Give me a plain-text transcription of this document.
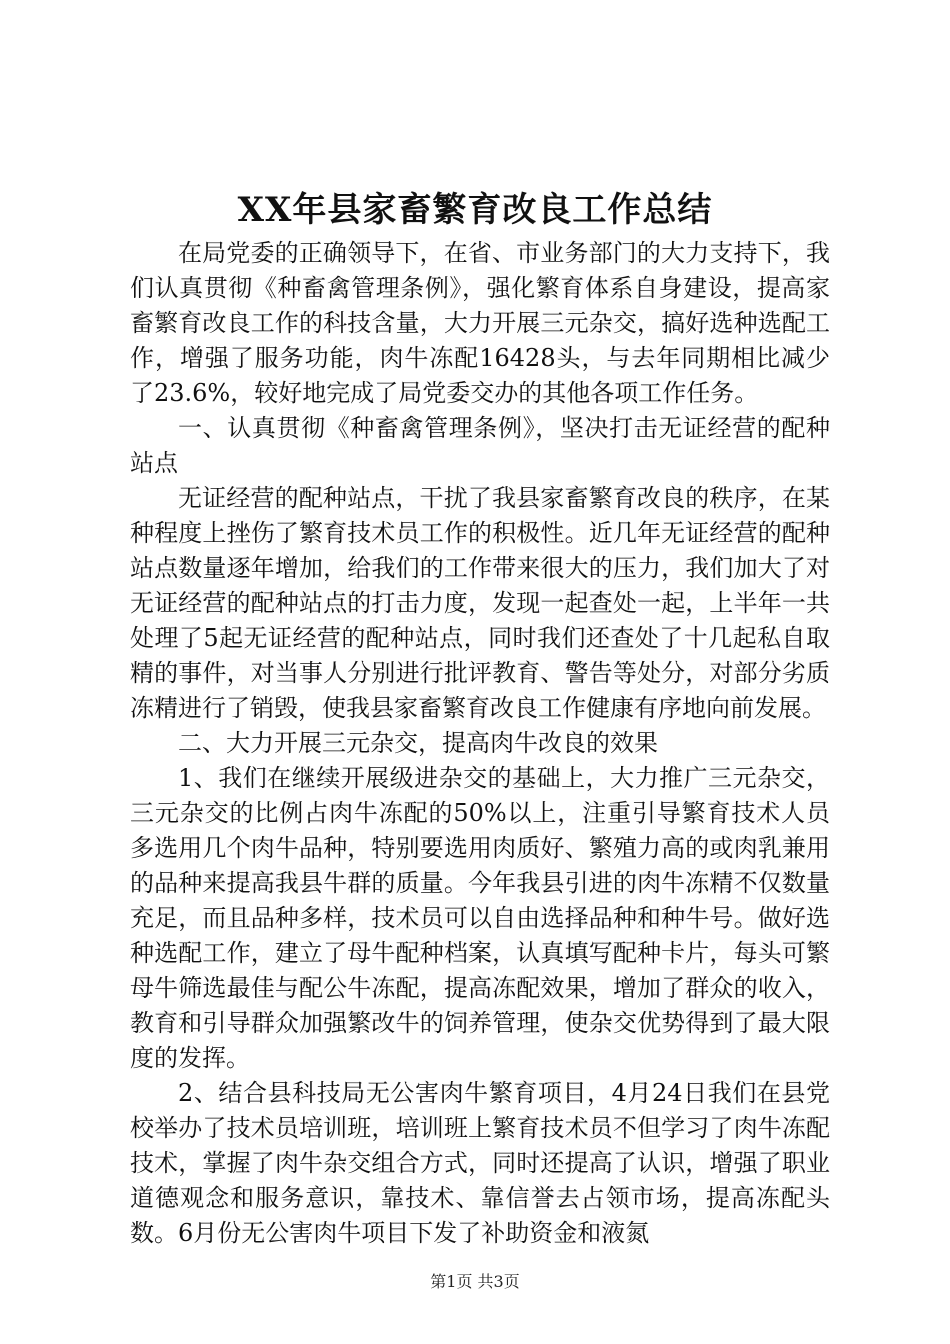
XX年县家畜繁育改良工作总结

在局党委的正确领导下，在省、市业务部门的大力支持下，我们认真贯彻《种畜禽管理条例》，强化繁育体系自身建设，提高家畜繁育改良工作的科技含量，大力开展三元杂交，搞好选种选配工作，增强了服务功能，肉牛冻配16428头，与去年同期相比减少了23.6%，较好地完成了局党委交办的其他各项工作任务。

一、认真贯彻《种畜禽管理条例》，坚决打击无证经营的配种站点

无证经营的配种站点，干扰了我县家畜繁育改良的秩序，在某种程度上挫伤了繁育技术员工作的积极性。近几年无证经营的配种站点数量逐年增加，给我们的工作带来很大的压力，我们加大了对无证经营的配种站点的打击力度，发现一起查处一起，上半年一共处理了5起无证经营的配种站点，同时我们还查处了十几起私自取精的事件，对当事人分别进行批评教育、警告等处分，对部分劣质冻精进行了销毁，使我县家畜繁育改良工作健康有序地向前发展。

二、大力开展三元杂交，提高肉牛改良的效果

1、我们在继续开展级进杂交的基础上，大力推广三元杂交，三元杂交的比例占肉牛冻配的50%以上，注重引导繁育技术人员多选用几个肉牛品种，特别要选用肉质好、繁殖力高的或肉乳兼用的品种来提高我县牛群的质量。今年我县引进的肉牛冻精不仅数量充足，而且品种多样，技术员可以自由选择品种和种牛号。做好选种选配工作，建立了母牛配种档案，认真填写配种卡片，每头可繁母牛筛选最佳与配公牛冻配，提高冻配效果，增加了群众的收入，教育和引导群众加强繁改牛的饲养管理，使杂交优势得到了最大限度的发挥。

2、结合县科技局无公害肉牛繁育项目，4月24日我们在县党校举办了技术员培训班，培训班上繁育技术员不但学习了肉牛冻配技术，掌握了肉牛杂交组合方式，同时还提高了认识，增强了职业道德观念和服务意识，靠技术、靠信誉去占领市场，提高冻配头数。6月份无公害肉牛项目下发了补助资金和液氮

第1页 共3页
